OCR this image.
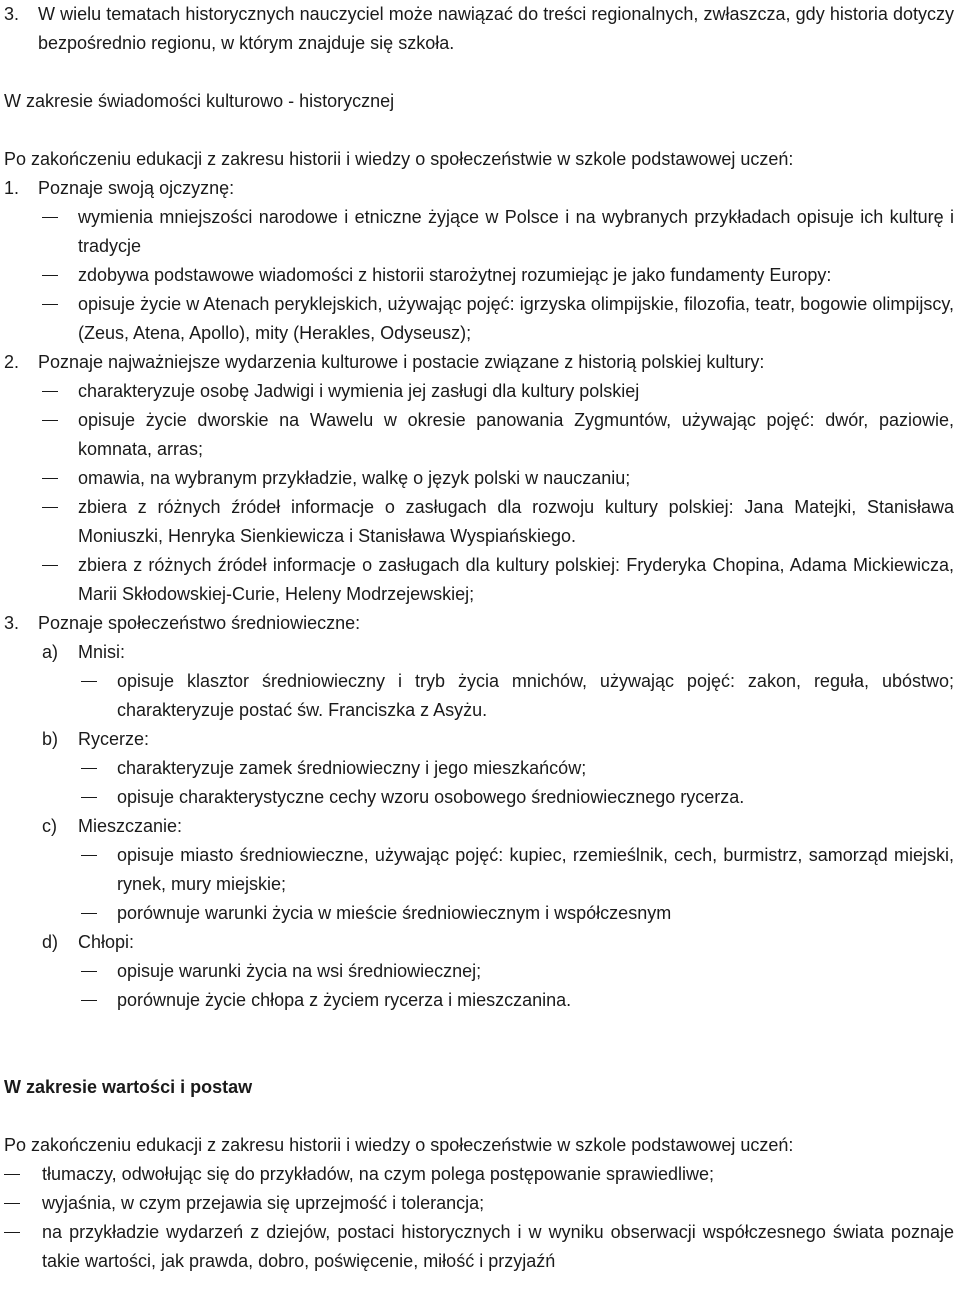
3. W wielu tematach historycznych nauczyciel może nawiązać do treści regionalnych, zwłaszcza, gdy historia dotyczy bezpośrednio regionu, w którym znajduje się szkoła.

W zakresie świadomości kulturowo - historycznej

Po zakończeniu edukacji z zakresu historii i wiedzy o społeczeństwie w szkole podstawowej uczeń:

1. Poznaje swoją ojczyznę:
wymienia mniejszości narodowe i etniczne żyjące w Polsce i na wybranych przykładach opisuje ich kulturę i tradycje
zdobywa podstawowe wiadomości z historii starożytnej rozumiejąc je jako fundamenty Europy:
opisuje życie w Atenach peryklejskich, używając pojęć: igrzyska olimpijskie, filozofia, teatr, bogowie olimpijscy, (Zeus, Atena, Apollo), mity (Herakles, Odyseusz);
2. Poznaje najważniejsze wydarzenia kulturowe i postacie związane z historią polskiej kultury:
charakteryzuje osobę Jadwigi i wymienia jej zasługi dla kultury polskiej
opisuje życie dworskie na Wawelu w okresie panowania Zygmuntów, używając pojęć: dwór, paziowie, komnata, arras;
omawia, na wybranym przykładzie, walkę o język polski w nauczaniu;
zbiera z różnych źródeł informacje o zasługach dla rozwoju kultury polskiej: Jana Matejki, Stanisława Moniuszki, Henryka Sienkiewicza i Stanisława Wyspiańskiego.
zbiera z różnych źródeł informacje o zasługach dla kultury polskiej: Fryderyka Chopina, Adama Mickiewicza, Marii Skłodowskiej-Curie, Heleny Modrzejewskiej;
3. Poznaje społeczeństwo średniowieczne:
a) Mnisi:
opisuje klasztor średniowieczny i tryb życia mnichów, używając pojęć: zakon, reguła, ubóstwo; charakteryzuje postać św. Franciszka z Asyżu.
b) Rycerze:
charakteryzuje zamek średniowieczny i jego mieszkańców;
opisuje charakterystyczne cechy wzoru osobowego średniowiecznego rycerza.
c) Mieszczanie:
opisuje miasto średniowieczne, używając pojęć: kupiec, rzemieślnik, cech, burmistrz, samorząd miejski, rynek, mury miejskie;
porównuje warunki życia w mieście średniowiecznym i współczesnym
d) Chłopi:
opisuje warunki życia na wsi średniowiecznej;
porównuje życie chłopa z życiem rycerza i mieszczanina.

W zakresie wartości i postaw

Po zakończeniu edukacji z zakresu historii i wiedzy o społeczeństwie w szkole podstawowej uczeń:

tłumaczy, odwołując się do przykładów, na czym polega postępowanie sprawiedliwe;
wyjaśnia, w czym przejawia się uprzejmość i tolerancja;
na przykładzie wydarzeń z dziejów, postaci historycznych i w wyniku obserwacji współczesnego świata poznaje takie wartości, jak prawda, dobro, poświęcenie, miłość i przyjaźń
